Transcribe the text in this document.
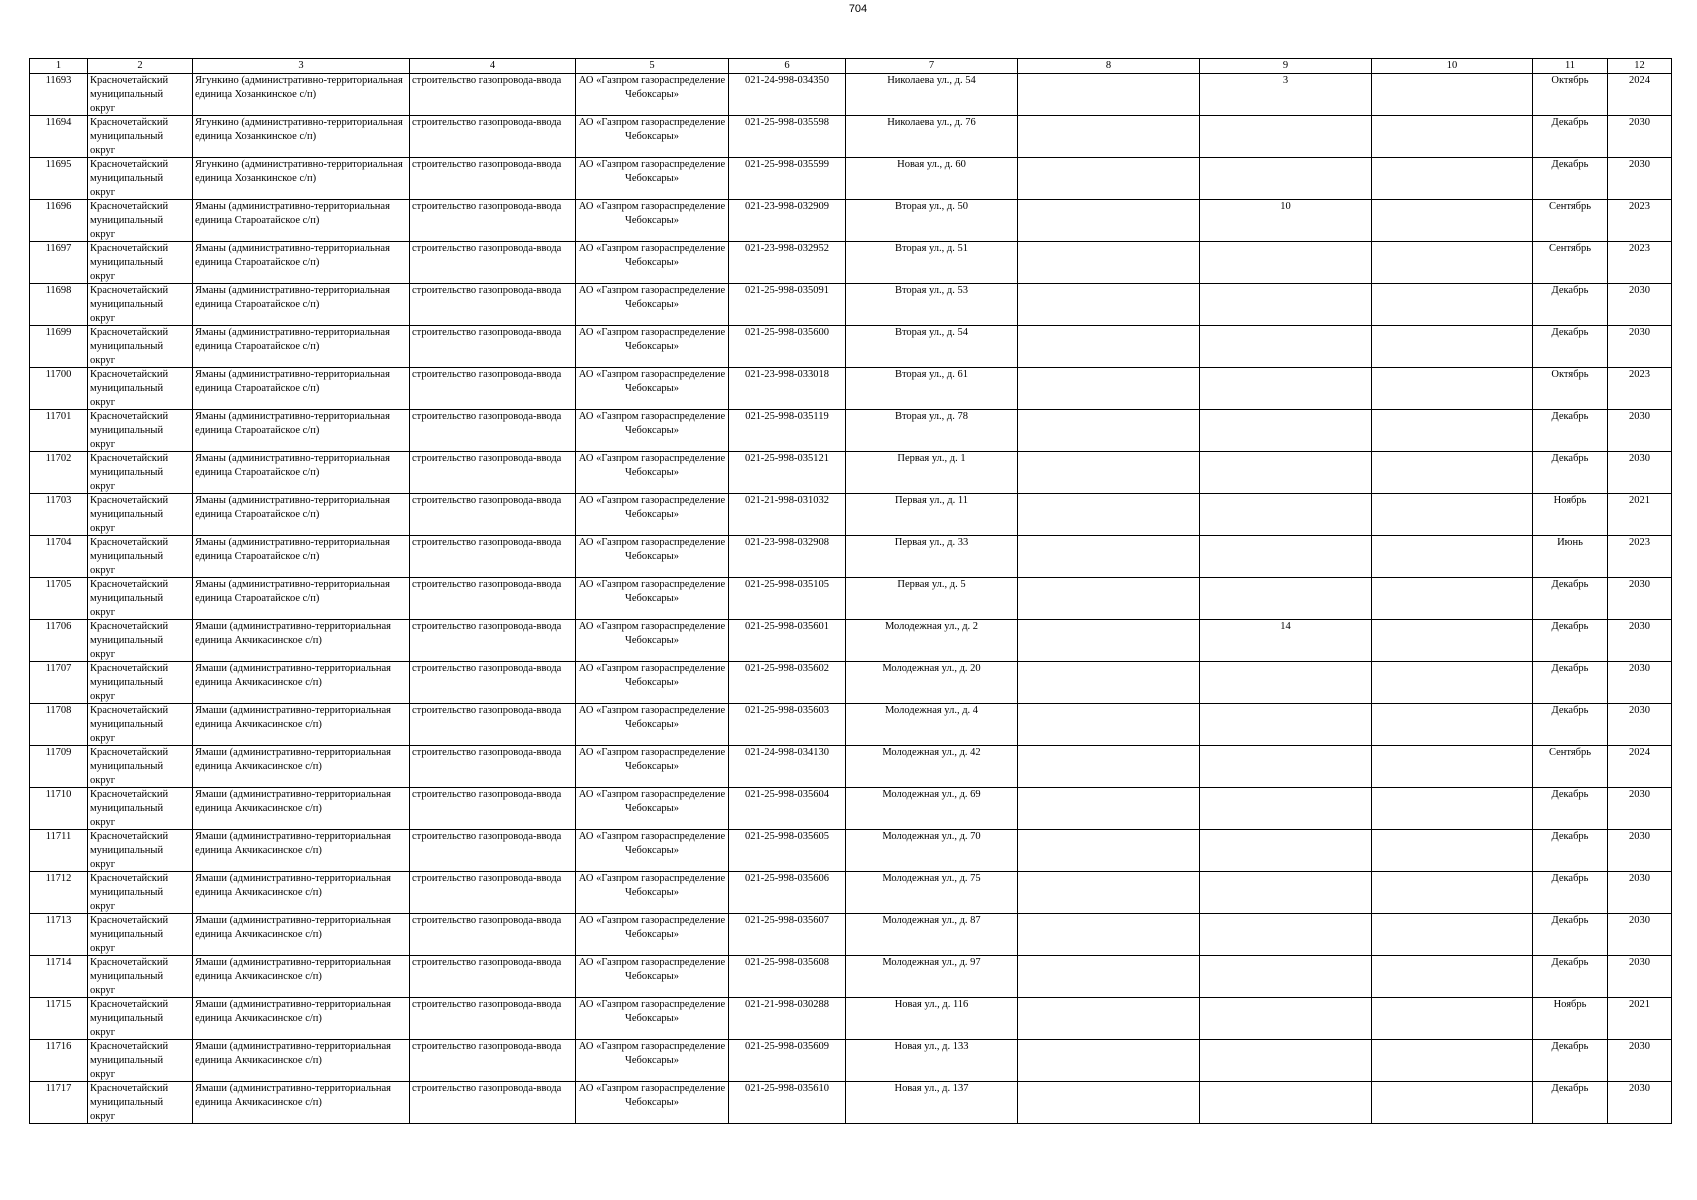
704
1	2	3	4	5	6	7	8	9	10	11	12

11693	Красночетайский муниципальный округ	Ягункино (административно-территориальная единица Хозанкинское с/п)	строительство газопровода-ввода	АО «Газпром газораспределение Чебоксары»	021-24-998-034350	Николаева ул., д. 54		3		Октябрь	2024

11694	Красночетайский муниципальный округ	Ягункино (административно-территориальная единица Хозанкинское с/п)	строительство газопровода-ввода	АО «Газпром газораспределение Чебоксары»	021-25-998-035598	Николаева ул., д. 76				Декабрь	2030

11695	Красночетайский муниципальный округ	Ягункино (административно-территориальная единица Хозанкинское с/п)	строительство газопровода-ввода	АО «Газпром газораспределение Чебоксары»	021-25-998-035599	Новая ул., д. 60				Декабрь	2030

11696	Красночетайский муниципальный округ	Яманы (административно-территориальная единица Староатайское с/п)	строительство газопровода-ввода	АО «Газпром газораспределение Чебоксары»	021-23-998-032909	Вторая ул., д. 50		10		Сентябрь	2023

11697	Красночетайский муниципальный округ	Яманы (административно-территориальная единица Староатайское с/п)	строительство газопровода-ввода	АО «Газпром газораспределение Чебоксары»	021-23-998-032952	Вторая ул., д. 51				Сентябрь	2023

11698	Красночетайский муниципальный округ	Яманы (административно-территориальная единица Староатайское с/п)	строительство газопровода-ввода	АО «Газпром газораспределение Чебоксары»	021-25-998-035091	Вторая ул., д. 53				Декабрь	2030

11699	Красночетайский муниципальный округ	Яманы (административно-территориальная единица Староатайское с/п)	строительство газопровода-ввода	АО «Газпром газораспределение Чебоксары»	021-25-998-035600	Вторая ул., д. 54				Декабрь	2030

11700	Красночетайский муниципальный округ	Яманы (административно-территориальная единица Староатайское с/п)	строительство газопровода-ввода	АО «Газпром газораспределение Чебоксары»	021-23-998-033018	Вторая ул., д. 61				Октябрь	2023

11701	Красночетайский муниципальный округ	Яманы (административно-территориальная единица Староатайское с/п)	строительство газопровода-ввода	АО «Газпром газораспределение Чебоксары»	021-25-998-035119	Вторая ул., д. 78				Декабрь	2030

11702	Красночетайский муниципальный округ	Яманы (административно-территориальная единица Староатайское с/п)	строительство газопровода-ввода	АО «Газпром газораспределение Чебоксары»	021-25-998-035121	Первая ул., д. 1				Декабрь	2030

11703	Красночетайский муниципальный округ	Яманы (административно-территориальная единица Староатайское с/п)	строительство газопровода-ввода	АО «Газпром газораспределение Чебоксары»	021-21-998-031032	Первая ул., д. 11				Ноябрь	2021

11704	Красночетайский муниципальный округ	Яманы (административно-территориальная единица Староатайское с/п)	строительство газопровода-ввода	АО «Газпром газораспределение Чебоксары»	021-23-998-032908	Первая ул., д. 33				Июнь	2023

11705	Красночетайский муниципальный округ	Яманы (административно-территориальная единица Староатайское с/п)	строительство газопровода-ввода	АО «Газпром газораспределение Чебоксары»	021-25-998-035105	Первая ул., д. 5				Декабрь	2030

11706	Красночетайский муниципальный округ	Ямаши (административно-территориальная единица Акчикасинское с/п)	строительство газопровода-ввода	АО «Газпром газораспределение Чебоксары»	021-25-998-035601	Молодежная ул., д. 2		14		Декабрь	2030

11707	Красночетайский муниципальный округ	Ямаши (административно-территориальная единица Акчикасинское с/п)	строительство газопровода-ввода	АО «Газпром газораспределение Чебоксары»	021-25-998-035602	Молодежная ул., д. 20				Декабрь	2030

11708	Красночетайский муниципальный округ	Ямаши (административно-территориальная единица Акчикасинское с/п)	строительство газопровода-ввода	АО «Газпром газораспределение Чебоксары»	021-25-998-035603	Молодежная ул., д. 4				Декабрь	2030

11709	Красночетайский муниципальный округ	Ямаши (административно-территориальная единица Акчикасинское с/п)	строительство газопровода-ввода	АО «Газпром газораспределение Чебоксары»	021-24-998-034130	Молодежная ул., д. 42				Сентябрь	2024

11710	Красночетайский муниципальный округ	Ямаши (административно-территориальная единица Акчикасинское с/п)	строительство газопровода-ввода	АО «Газпром газораспределение Чебоксары»	021-25-998-035604	Молодежная ул., д. 69				Декабрь	2030

11711	Красночетайский муниципальный округ	Ямаши (административно-территориальная единица Акчикасинское с/п)	строительство газопровода-ввода	АО «Газпром газораспределение Чебоксары»	021-25-998-035605	Молодежная ул., д. 70				Декабрь	2030

11712	Красночетайский муниципальный округ	Ямаши (административно-территориальная единица Акчикасинское с/п)	строительство газопровода-ввода	АО «Газпром газораспределение Чебоксары»	021-25-998-035606	Молодежная ул., д. 75				Декабрь	2030

11713	Красночетайский муниципальный округ	Ямаши (административно-территориальная единица Акчикасинское с/п)	строительство газопровода-ввода	АО «Газпром газораспределение Чебоксары»	021-25-998-035607	Молодежная ул., д. 87				Декабрь	2030

11714	Красночетайский муниципальный округ	Ямаши (административно-территориальная единица Акчикасинское с/п)	строительство газопровода-ввода	АО «Газпром газораспределение Чебоксары»	021-25-998-035608	Молодежная ул., д. 97				Декабрь	2030

11715	Красночетайский муниципальный округ	Ямаши (административно-территориальная единица Акчикасинское с/п)	строительство газопровода-ввода	АО «Газпром газораспределение Чебоксары»	021-21-998-030288	Новая ул., д. 116				Ноябрь	2021

11716	Красночетайский муниципальный округ	Ямаши (административно-территориальная единица Акчикасинское с/п)	строительство газопровода-ввода	АО «Газпром газораспределение Чебоксары»	021-25-998-035609	Новая ул., д. 133				Декабрь	2030

11717	Красночетайский муниципальный округ	Ямаши (административно-территориальная единица Акчикасинское с/п)	строительство газопровода-ввода	АО «Газпром газораспределение Чебоксары»	021-25-998-035610	Новая ул., д. 137				Декабрь	2030
